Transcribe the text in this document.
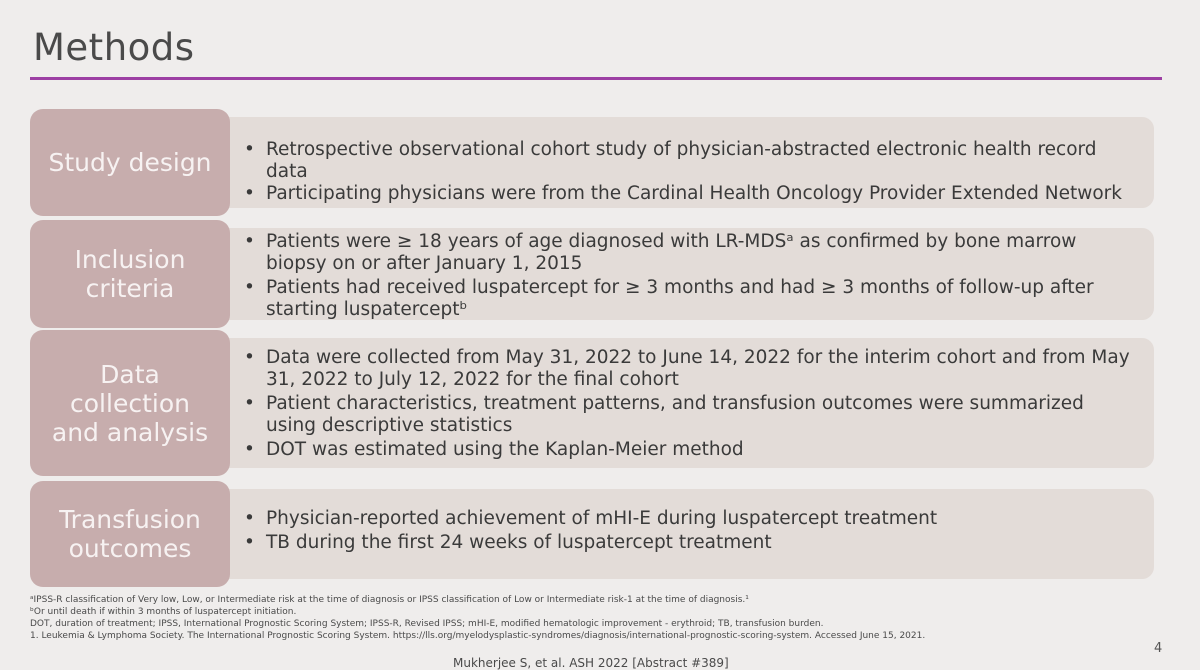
Methods
Study design
•	Retrospective observational cohort study of physician-abstracted electronic health record data
• Participating physicians were from the Cardinal Health Oncology Provider Extended Network
Inclusion criteria
• Patients were ≥ 18 years of age diagnosed with LR-MDSᵃ as confirmed by bone marrow biopsy on or after January 1, 2015
• Patients had received luspatercept for ≥ 3 months and had ≥ 3 months of follow-up after starting luspaterceptᵇ
Data collection and analysis
• Data were collected from May 31, 2022 to June 14, 2022 for the interim cohort and from May 31, 2022 to July 12, 2022 for the final cohort
• Patient characteristics, treatment patterns, and transfusion outcomes were summarized using descriptive statistics
• DOT was estimated using the Kaplan-Meier method
Transfusion outcomes
• Physician-reported achievement of mHI-E during luspatercept treatment
• TB during the first 24 weeks of luspatercept treatment
ᵃIPSS-R classification of Very low, Low, or Intermediate risk at the time of diagnosis or IPSS classification of Low or Intermediate risk-1 at the time of diagnosis.¹
ᵇOr until death if within 3 months of luspatercept initiation.
DOT, duration of treatment; IPSS, International Prognostic Scoring System; IPSS-R, Revised IPSS; mHI-E, modified hematologic improvement - erythroid; TB, transfusion burden.
1. Leukemia & Lymphoma Society. The International Prognostic Scoring System. https://lls.org/myelodysplastic-syndromes/diagnosis/international-prognostic-scoring-system. Accessed June 15, 2021.
Mukherjee S, et al. ASH 2022 [Abstract #389]
4
